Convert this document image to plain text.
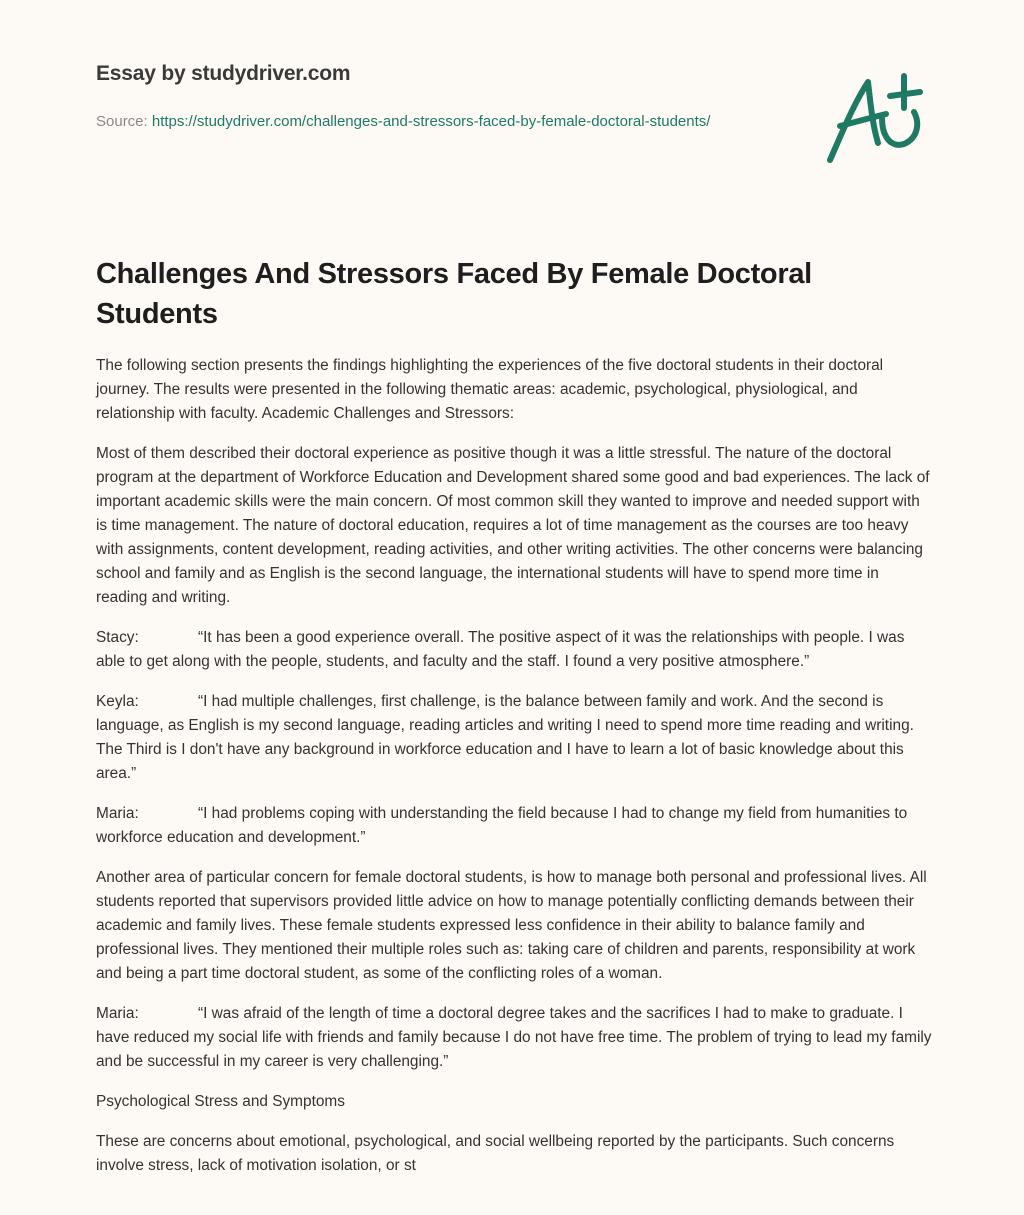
Essay by studydriver.com
Source: https://studydriver.com/challenges-and-stressors-faced-by-female-doctoral-students/
Challenges And Stressors Faced By Female Doctoral Students

The following section presents the findings highlighting the experiences of the five doctoral students in their doctoral journey. The results were presented in the following thematic areas: academic, psychological, physiological, and relationship with faculty. Academic Challenges and Stressors:

Most of them described their doctoral experience as positive though it was a little stressful. The nature of the doctoral program at the department of Workforce Education and Development shared some good and bad experiences. The lack of important academic skills were the main concern. Of most common skill they wanted to improve and needed support with is time management. The nature of doctoral education, requires a lot of time management as the courses are too heavy with assignments, content development, reading activities, and other writing activities. The other concerns were balancing school and family and as English is the second language, the international students will have to spend more time in reading and writing.

Stacy:	“It has been a good experience overall. The positive aspect of it was the relationships with people. I was able to get along with the people, students, and faculty and the staff. I found a very positive atmosphere.”

Keyla:	“I had multiple challenges, first challenge, is the balance between family and work. And the second is language, as English is my second language, reading articles and writing I need to spend more time reading and writing. The Third is I don't have any background in workforce education and I have to learn a lot of basic knowledge about this area.”

Maria:	“I had problems coping with understanding the field because I had to change my field from humanities to workforce education and development.”

Another area of particular concern for female doctoral students, is how to manage both personal and professional lives. All students reported that supervisors provided little advice on how to manage potentially conflicting demands between their academic and family lives. These female students expressed less confidence in their ability to balance family and professional lives. They mentioned their multiple roles such as: taking care of children and parents, responsibility at work and being a part time doctoral student, as some of the conflicting roles of a woman.

Maria:	“I was afraid of the length of time a doctoral degree takes and the sacrifices I had to make to graduate. I have reduced my social life with friends and family because I do not have free time. The problem of trying to lead my family and be successful in my career is very challenging.”

Psychological Stress and Symptoms

These are concerns about emotional, psychological, and social wellbeing reported by the participants. Such concerns involve stress, lack of motivation isolation, or st
